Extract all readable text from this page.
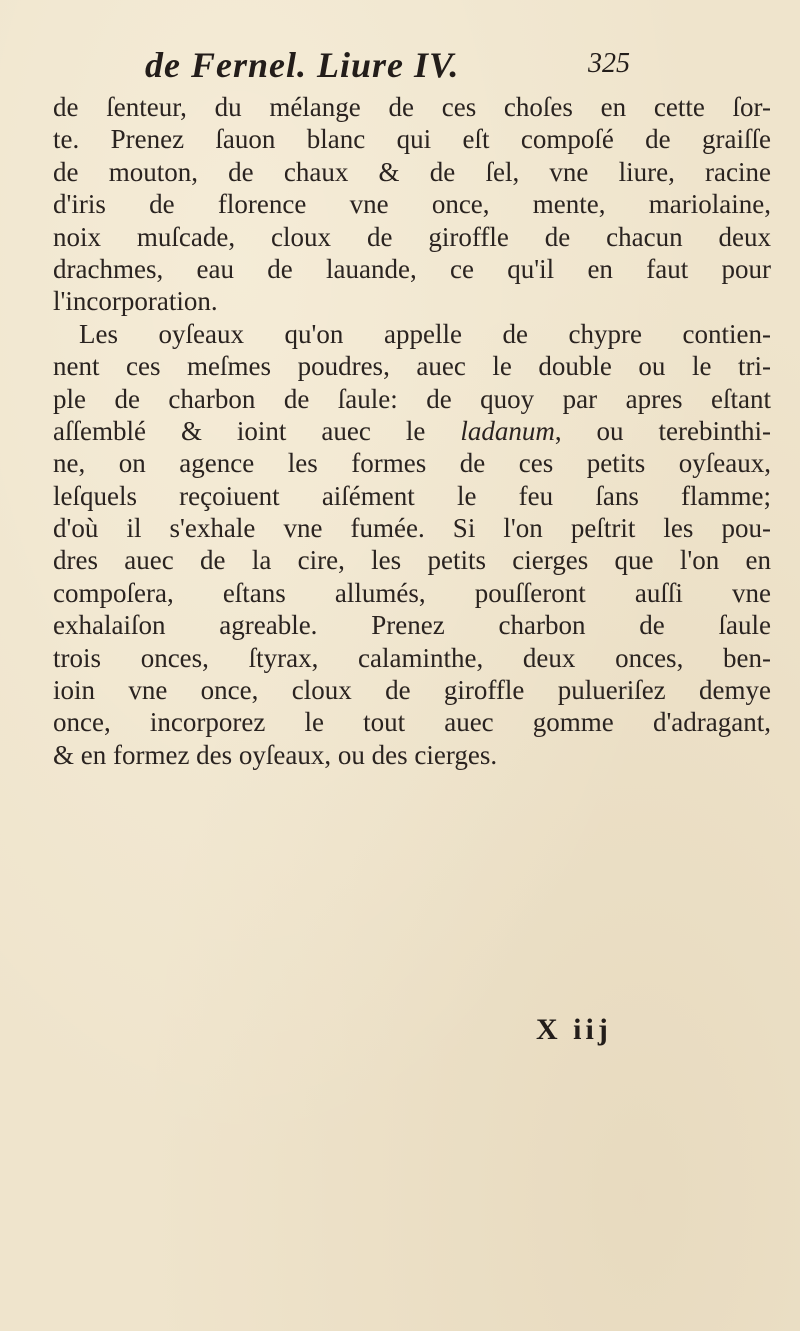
de Fernel. Liure IV.	325
de ſenteur, du mélange de ces choſes en cette ſor-
te. Prenez ſauon blanc qui eſt compoſé de graiſſe
de mouton, de chaux & de ſel, vne liure, racine
d'iris de florence vne once, mente, mariolaine,
noix muſcade, cloux de giroffle de chacun deux
drachmes, eau de lauande, ce qu'il en faut pour
l'incorporation.
Les oyſeaux qu'on appelle de chypre contien-
nent ces meſmes poudres, auec le double ou le tri-
ple de charbon de ſaule: de quoy par apres eſtant
aſſemblé & ioint auec le ladanum, ou terebinthi-
ne, on agence les formes de ces petits oyſeaux,
leſquels reçoiuent aiſément le feu ſans flamme;
d'où il s'exhale vne fumée. Si l'on peſtrit les pou-
dres auec de la cire, les petits cierges que l'on en
compoſera, eſtans allumés, pouſſeront auſſi vne
exhalaiſon agreable. Prenez charbon de ſaule
trois onces, ſtyrax, calaminthe, deux onces, ben-
ioin vne once, cloux de giroffle pulueriſez demye
once, incorporez le tout auec gomme d'adragant,
& en formez des oyſeaux, ou des cierges.
X iij
